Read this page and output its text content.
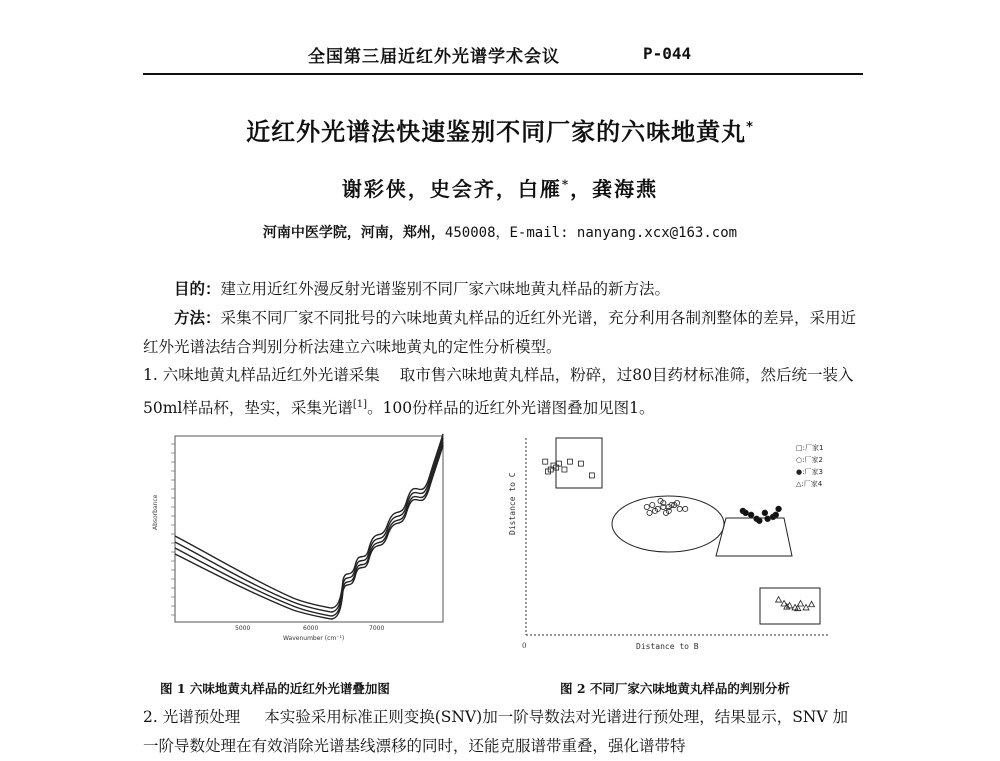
全国第三届近红外光谱学术会议	P-044
近红外光谱法快速鉴别不同厂家的六味地黄丸*
谢彩侠，史会齐，白雁*，龚海燕
河南中医学院，河南，郑州，450008，E-mail: nanyang.xcx@163.com
目的：建立用近红外漫反射光谱鉴别不同厂家六味地黄丸样品的新方法。
方法：采集不同厂家不同批号的六味地黄丸样品的近红外光谱，充分利用各制剂整体的差异，采用近红外光谱法结合判别分析法建立六味地黄丸的定性分析模型。
1. 六味地黄丸样品近红外光谱采集 取市售六味地黄丸样品，粉碎，过80目药材标准筛，然后统一装入50ml样品杯，垫实，采集光谱[1]。100份样品的近红外光谱图叠加见图1。
Absorbance
5000	6000	7000
Wavenumber (cm⁻¹)
图 1 六味地黄丸样品的近红外光谱叠加图
Distance to C
Distance to B
0
□:厂家1
○:厂家2
●:厂家3
△:厂家4
图 2 不同厂家六味地黄丸样品的判别分析
2. 光谱预处理 本实验采用标准正则变换(SNV)加一阶导数法对光谱进行预处理，结果显示，SNV 加一阶导数处理在有效消除光谱基线漂移的同时，还能克服谱带重叠，强化谱带特
